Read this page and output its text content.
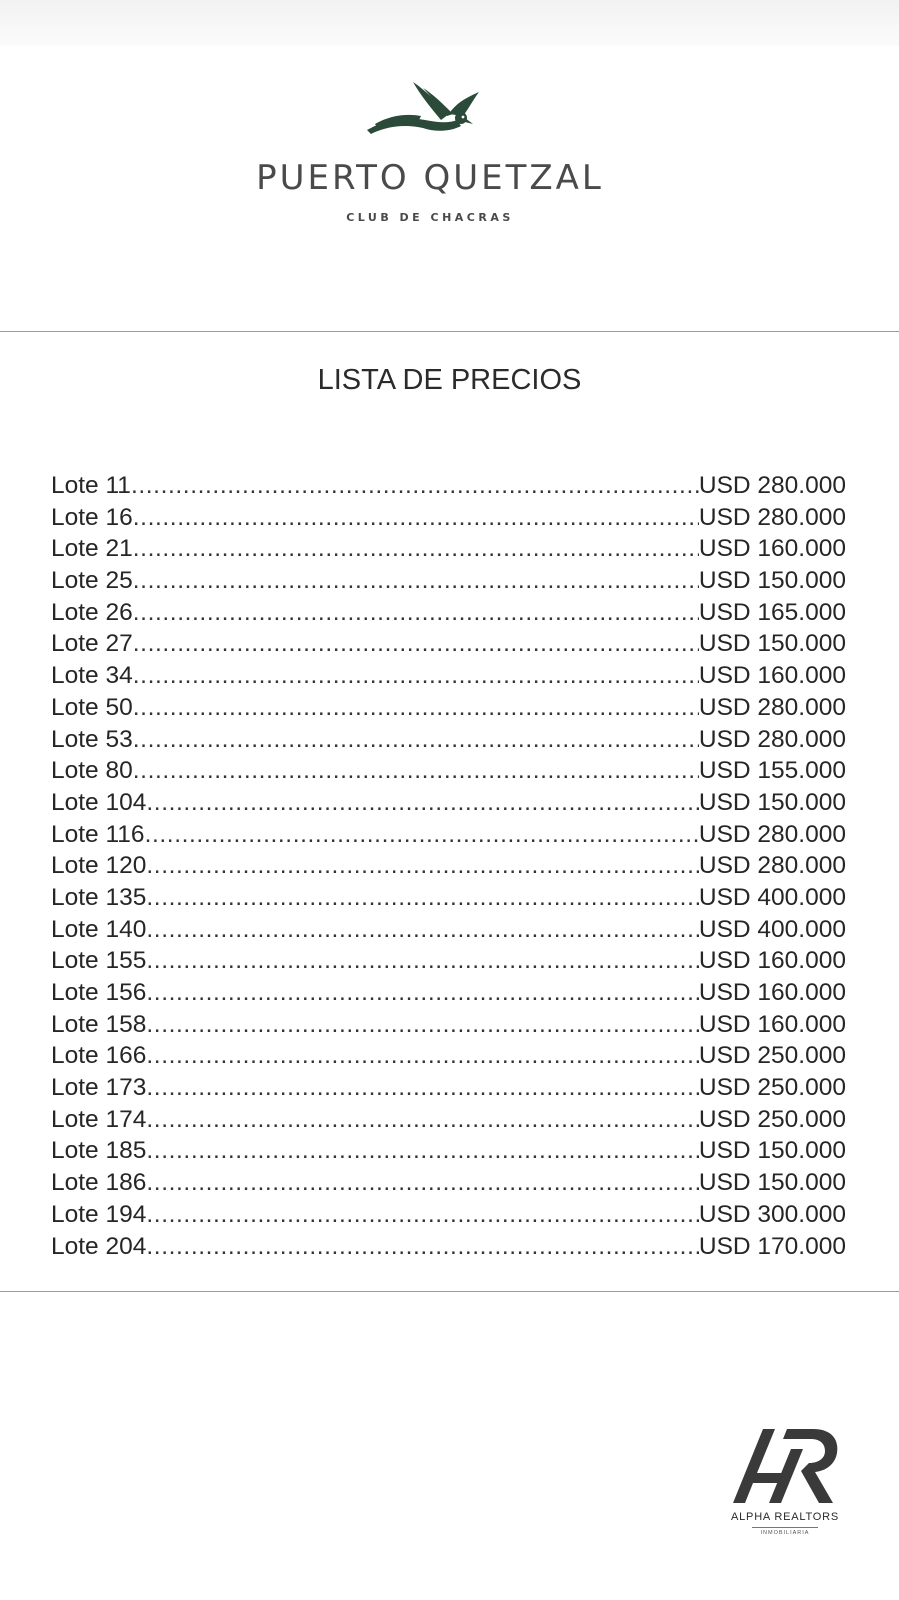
PUERTO QUETZAL
CLUB DE CHACRAS
LISTA DE PRECIOS
Lote 11 .....	USD 280.000
Lote 16 .....	USD 280.000
Lote 21 .....	USD 160.000
Lote 25 .....	USD 150.000
Lote 26 .....	USD 165.000
Lote 27 .....	USD 150.000
Lote 34 .....	USD 160.000
Lote 50 .....	USD 280.000
Lote 53 .....	USD 280.000
Lote 80 .....	USD 155.000
Lote 104 .....	USD 150.000
Lote 116 .....	USD 280.000
Lote 120 .....	USD 280.000
Lote 135 .....	USD 400.000
Lote 140 .....	USD 400.000
Lote 155 .....	USD 160.000
Lote 156 .....	USD 160.000
Lote 158 .....	USD 160.000
Lote 166 .....	USD 250.000
Lote 173 .....	USD 250.000
Lote 174 .....	USD 250.000
Lote 185 .....	USD 150.000
Lote 186 .....	USD 150.000
Lote 194 .....	USD 300.000
Lote 204 .....	USD 170.000
ALPHA REALTORS
INMOBILIARIA
